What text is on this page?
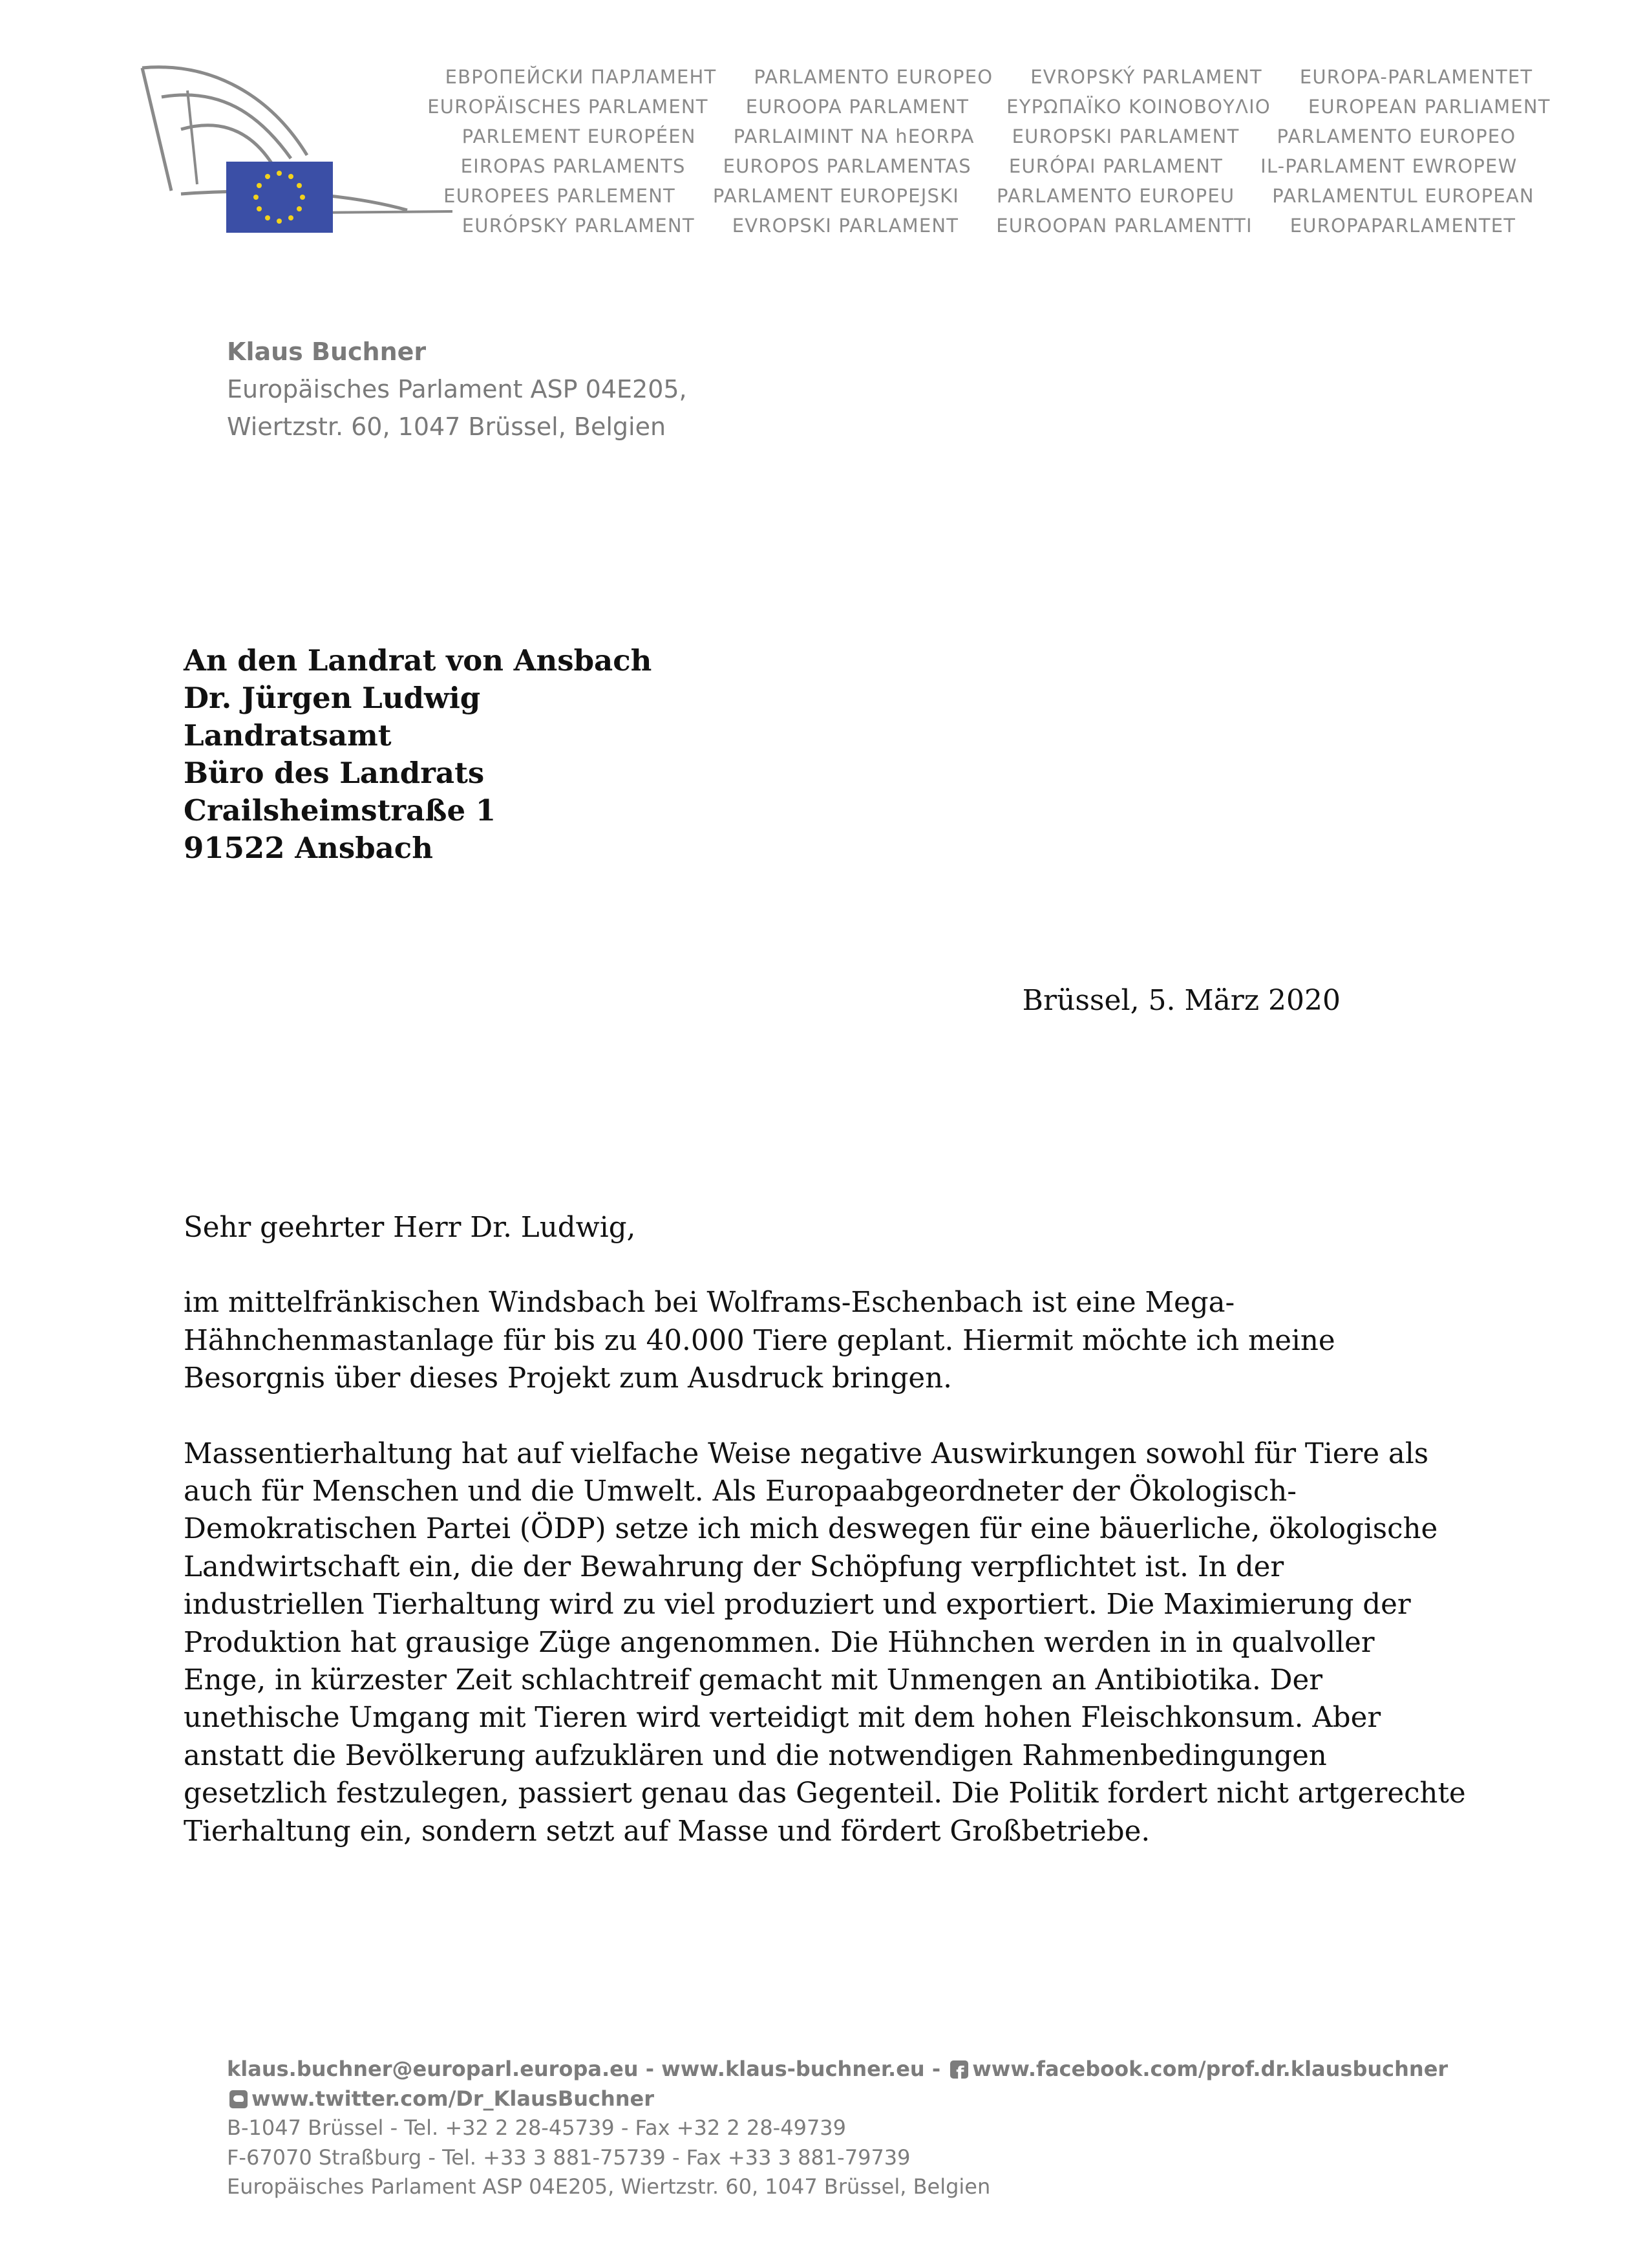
ЕВРОПЕЙСКИ ПАРЛАМЕНТ PARLAMENTO EUROPEO EVROPSKÝ PARLAMENT EUROPA-PARLAMENTET
EUROPÄISCHES PARLAMENT EUROOPA PARLAMENT ΕΥΡΩΠΑΪΚΟ ΚΟΙΝΟΒΟΥΛΙΟ EUROPEAN PARLIAMENT
PARLEMENT EUROPÉEN PARLAIMINT NA hEORPA EUROPSKI PARLAMENT PARLAMENTO EUROPEO
EIROPAS PARLAMENTS EUROPOS PARLAMENTAS EURÓPAI PARLAMENT IL-PARLAMENT EWROPEW
EUROPEES PARLEMENT PARLAMENT EUROPEJSKI PARLAMENTO EUROPEU PARLAMENTUL EUROPEAN
EURÓPSKY PARLAMENT EVROPSKI PARLAMENT EUROOPAN PARLAMENTTI EUROPAPARLAMENTET
Klaus Buchner
Europäisches Parlament ASP 04E205,
Wiertzstr. 60, 1047 Brüssel, Belgien
An den Landrat von Ansbach
Dr. Jürgen Ludwig
Landratsamt
Büro des Landrats
Crailsheimstraße 1
91522 Ansbach
Brüssel, 5. März 2020

Sehr geehrter Herr Dr. Ludwig,

im mittelfränkischen Windsbach bei Wolframs-Eschenbach ist eine Mega-
Hähnchenmastanlage für bis zu 40.000 Tiere geplant. Hiermit möchte ich meine
Besorgnis über dieses Projekt zum Ausdruck bringen.

Massentierhaltung hat auf vielfache Weise negative Auswirkungen sowohl für Tiere als
auch für Menschen und die Umwelt. Als Europaabgeordneter der Ökologisch-
Demokratischen Partei (ÖDP) setze ich mich deswegen für eine bäuerliche, ökologische
Landwirtschaft ein, die der Bewahrung der Schöpfung verpflichtet ist. In der
industriellen Tierhaltung wird zu viel produziert und exportiert. Die Maximierung der
Produktion hat grausige Züge angenommen. Die Hühnchen werden in in qualvoller
Enge, in kürzester Zeit schlachtreif gemacht mit Unmengen an Antibiotika. Der
unethische Umgang mit Tieren wird verteidigt mit dem hohen Fleischkonsum. Aber
anstatt die Bevölkerung aufzuklären und die notwendigen Rahmenbedingungen
gesetzlich festzulegen, passiert genau das Gegenteil. Die Politik fordert nicht artgerechte
Tierhaltung ein, sondern setzt auf Masse und fördert Großbetriebe.

klaus.buchner@europarl.europa.eu - www.klaus-buchner.eu - fwww.facebook.com/prof.dr.klausbuchner
www.twitter.com/Dr_KlausBuchner
B-1047 Brüssel - Tel. +32 2 28-45739 - Fax +32 2 28-49739
F-67070 Straßburg - Tel. +33 3 881-75739 - Fax +33 3 881-79739
Europäisches Parlament ASP 04E205, Wiertzstr. 60, 1047 Brüssel, Belgien
